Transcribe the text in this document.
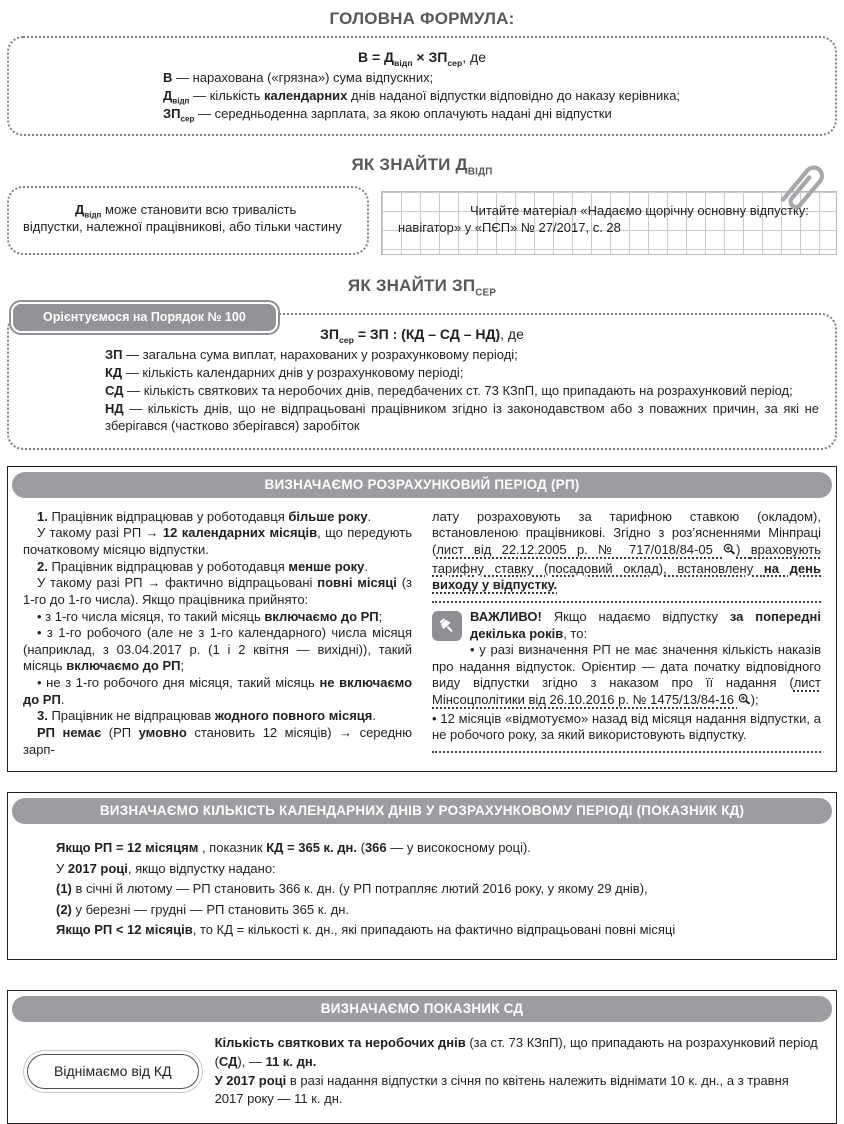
ГОЛОВНА ФОРМУЛА:

$В = Д_{відп} \times ЗП_{сер}$, де

В — нарахована («грязна») сума відпускних;

$Д_{відп}$ — кількість календарних днів наданої відпустки відповідно до наказу керівника;

$ЗП_{сер}$ — середньоденна зарплата, за якою оплачують надані дні відпустки

ЯК ЗНАЙТИ $Д_{ВІДП}$

$Д_{відп}$ може становити всю тривалість відпустки, належної працівникові, або тільки частину

Читайте матеріал «Надаємо щорічну основну відпустку: навігатор» у «ПЄП» № 27/2017, с. 28

ЯК ЗНАЙТИ $ЗП_{СЕР}$
Орієнтуємося на Порядок № 100

$ЗП_{сер}$ = ЗП : (КД – СД – НД), де

ЗП — загальна сума виплат, нарахованих у розрахунковому періоді;

КД — кількість календарних днів у розрахунковому періоді;

СД — кількість святкових та неробочих днів, передбачених ст. 73 КЗпП, що припадають на розрахунковий період;

НД — кількість днів, що не відпрацьовані працівником згідно із законодавством або з поважних причин, за які не зберігався (частково зберігався) заробіток

ВИЗНАЧАЄМО РОЗРАХУНКОВИЙ ПЕРІОД (РП)

1. Працівник відпрацював у роботодавця більше року.

У такому разі РП → 12 календарних місяців, що передують початковому місяцю відпустки.

2. Працівник відпрацював у роботодавця менше року.

У такому разі РП → фактично відпрацьовані повні місяці (з 1-го до 1-го числа). Якщо працівника прийнято:

• з 1-го числа місяця, то такий місяць включаємо до РП;

• з 1-го робочого (але не з 1-го календарного) числа місяця (наприклад, з 03.04.2017 р. (1 і 2 квітня — вихідні)), такий місяць включаємо до РП;

• не з 1-го робочого дня місяця, такий місяць не включаємо до РП.

3. Працівник не відпрацював жодного повного місяця.

РП немає (РП умовно становить 12 місяців) → середню зарп-

лату розраховують за тарифною ставкою (окладом), встановленою працівникові. Згідно з роз’ясненнями Мінпраці (лист від 22.12.2005 р. № 717/018/84-05 ) враховують тарифну ставку (посадовий оклад), встановлену на день виходу у відпустку.

ВАЖЛИВО! Якщо надаємо відпустку за попередні декілька років, то:

• у разі визначення РП не має значення кількість наказів про надання відпусток. Орієнтир — дата початку відповідного виду відпустки згідно з наказом про її надання (лист Мінсоцполітики від 26.10.2016 р. № 1475/13/84-16 );

• 12 місяців «відмотуємо» назад від місяця надання відпустки, а не робочого року, за який використовують відпустку.

ВИЗНАЧАЄМО КІЛЬКІСТЬ КАЛЕНДАРНИХ ДНІВ У РОЗРАХУНКОВОМУ ПЕРІОДІ (ПОКАЗНИК КД)

Якщо РП = 12 місяцям , показник КД = 365 к. дн. (366 — у високосному році).

У 2017 році, якщо відпустку надано:

(1) в січні й лютому — РП становить 366 к. дн. (у РП потрапляє лютий 2016 року, у якому 29 днів),

(2) у березні — грудні — РП становить 365 к. дн.

Якщо РП < 12 місяців, то КД = кількості к. дн., які припадають на фактично відпрацьовані повні місяці

ВИЗНАЧАЄМО ПОКАЗНИК СД
Віднімаємо від КД

Кількість святкових та неробочих днів (за ст. 73 КЗпП), що припадають на розрахунковий період (СД), — 11 к. дн.

У 2017 році в разі надання відпустки з січня по квітень належить віднімати 10 к. дн., а з травня 2017 року — 11 к. дн.
